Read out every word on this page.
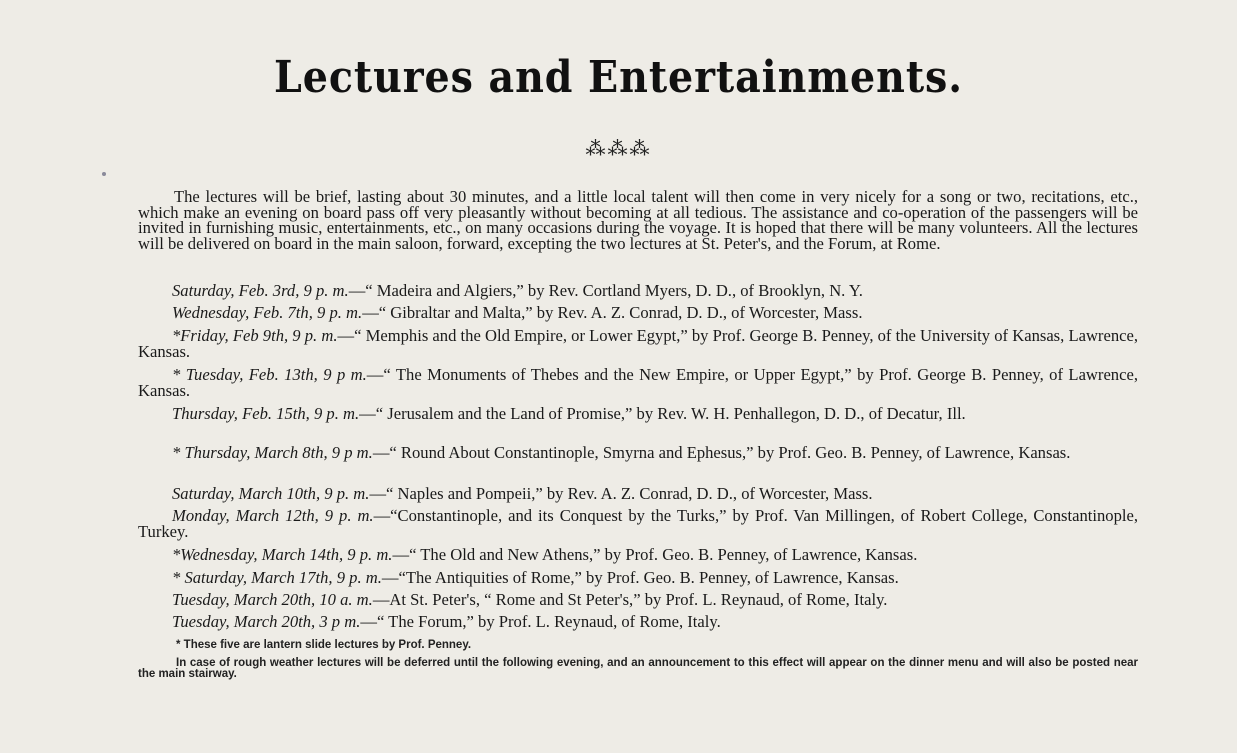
Lectures and Entertainments.
⁂⁂⁂
The lectures will be brief, lasting about 30 minutes, and a little local talent will then come in very nicely for a song or two, recitations, etc., which make an evening on board pass off very pleasantly without becoming at all tedious. The assistance and co-operation of the passengers will be invited in furnishing music, entertainments, etc., on many occasions during the voyage. It is hoped that there will be many volunteers. All the lectures will be delivered on board in the main saloon, forward, excepting the two lectures at St. Peter's, and the Forum, at Rome.
Saturday, Feb. 3rd, 9 p. m.—“ Madeira and Algiers,” by Rev. Cortland Myers, D. D., of Brooklyn, N. Y.
Wednesday, Feb. 7th, 9 p. m.—“ Gibraltar and Malta,” by Rev. A. Z. Conrad, D. D., of Worcester, Mass.
*Friday, Feb 9th, 9 p. m.—“ Memphis and the Old Empire, or Lower Egypt,” by Prof. George B. Penney, of the University of Kansas, Lawrence, Kansas.
* Tuesday, Feb. 13th, 9 p m.—“ The Monuments of Thebes and the New Empire, or Upper Egypt,” by Prof. George B. Penney, of Lawrence, Kansas.
Thursday, Feb. 15th, 9 p. m.—“ Jerusalem and the Land of Promise,” by Rev. W. H. Penhallegon, D. D., of Decatur, Ill.
* Thursday, March 8th, 9 p m.—“ Round About Constantinople, Smyrna and Ephesus,” by Prof. Geo. B. Penney, of Lawrence, Kansas.
Saturday, March 10th, 9 p. m.—“ Naples and Pompeii,” by Rev. A. Z. Conrad, D. D., of Worcester, Mass.
Monday, March 12th, 9 p. m.—“Constantinople, and its Conquest by the Turks,” by Prof. Van Millingen, of Robert College, Constantinople, Turkey.
*Wednesday, March 14th, 9 p. m.—“ The Old and New Athens,” by Prof. Geo. B. Penney, of Lawrence, Kansas.
* Saturday, March 17th, 9 p. m.—“The Antiquities of Rome,” by Prof. Geo. B. Penney, of Lawrence, Kansas.
Tuesday, March 20th, 10 a. m.—At St. Peter's, “ Rome and St Peter's,” by Prof. L. Reynaud, of Rome, Italy.
Tuesday, March 20th, 3 p m.—“ The Forum,” by Prof. L. Reynaud, of Rome, Italy.
* These five are lantern slide lectures by Prof. Penney.
In case of rough weather lectures will be deferred until the following evening, and an announcement to this effect will appear on the dinner menu and will also be posted near the main stairway.
